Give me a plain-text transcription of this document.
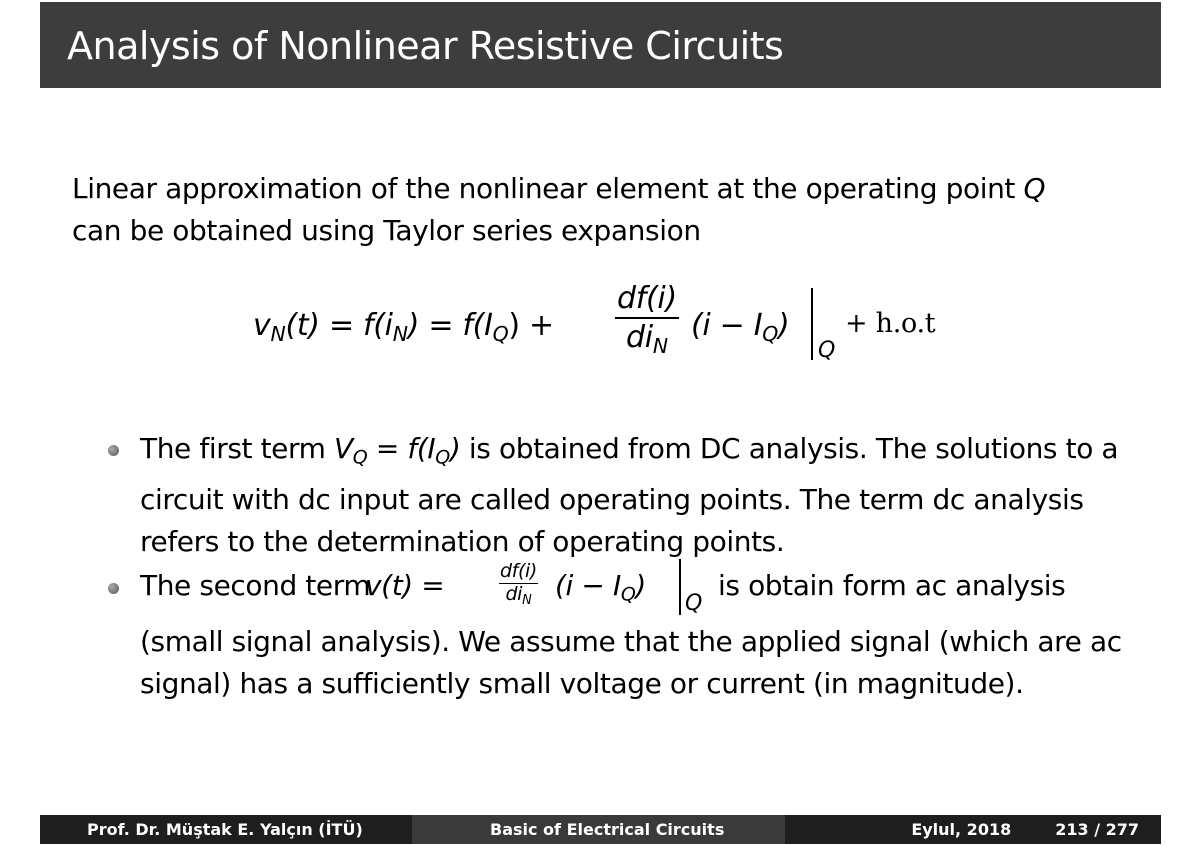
Analysis of Nonlinear Resistive Circuits
Linear approximation of the nonlinear element at the operating point Q
can be obtained using Taylor series expansion
$v_N(t) = f(i_N) = f(I_Q) + \frac{df(i)}{di_N} (i - I_Q)$
Q
+ h.o.t
The first term $V_Q = f(I_Q)$ is obtained from DC analysis. The solutions to a circuit with dc input are called operating points. The term dc analysis refers to the determination of operating points.
The second term
v(t) =	$\frac{df(i)}{di_N} (i - I_Q)$
Q
is obtain form ac analysis
(small signal analysis). We assume that the applied signal (which are ac signal) has a sufficiently small voltage or current (in magnitude).
Prof. Dr. Müştak E. Yalçın (İTÜ)	Basic of Electrical Circuits	Eylul, 2018	213 / 277
